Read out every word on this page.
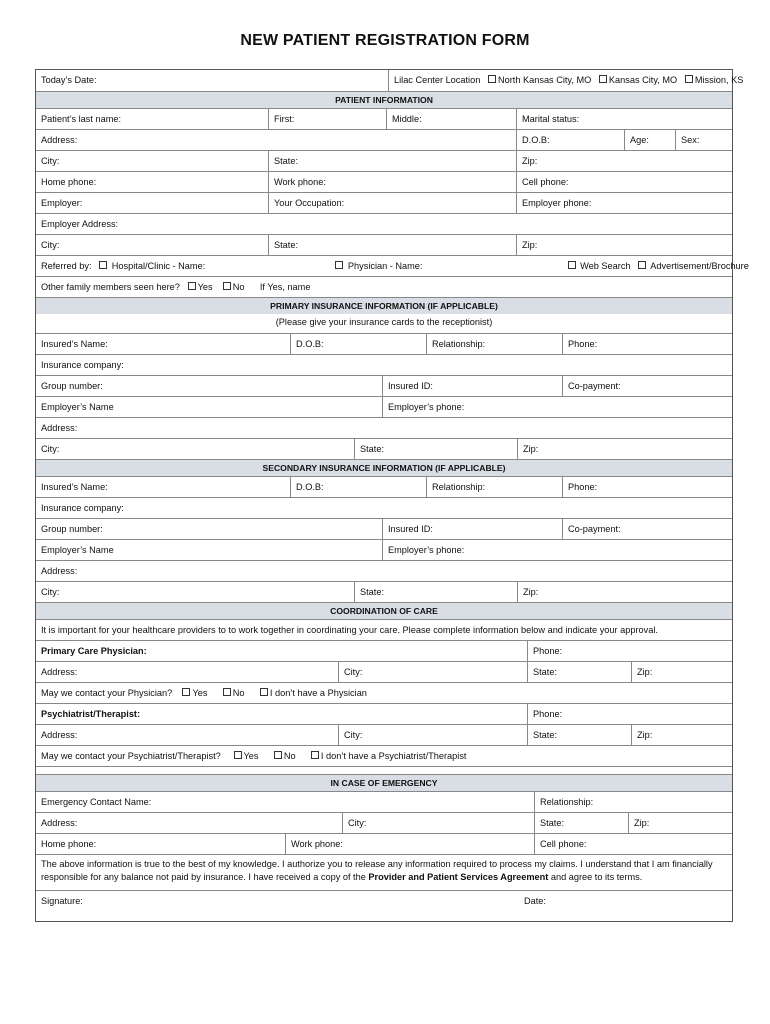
NEW PATIENT REGISTRATION FORM
Today’s Date:	Lilac Center Location North Kansas City, MO Kansas City, MO Mission, KS
PATIENT INFORMATION
Patient’s last name:	First:	Middle:	Marital status:
Address:	D.O.B:	Age:	Sex:
City:	State:	Zip:
Home phone:	Work phone:	Cell phone:
Employer:	Your Occupation:	Employer phone:
Employer Address:
City:	State:	Zip:
Referred by: Hospital/Clinic - Name:	Physician - Name:	Web Search Advertisement/Brochure
Other family members seen here? Yes No If Yes, name
PRIMARY INSURANCE INFORMATION (IF APPLICABLE)
(Please give your insurance cards to the receptionist)
Insured’s Name:	D.O.B:	Relationship:	Phone:
Insurance company:
Group number:	Insured ID:	Co-payment:
Employer’s Name	Employer’s phone:
Address:
City:	State:	Zip:
SECONDARY INSURANCE INFORMATION (IF APPLICABLE)
Insured’s Name:	D.O.B:	Relationship:	Phone:
Insurance company:
Group number:	Insured ID:	Co-payment:
Employer’s Name	Employer’s phone:
Address:
City:	State:	Zip:
COORDINATION OF CARE
It is important for your healthcare providers to to work together in coordinating your care. Please complete information below and indicate your approval.
Primary Care Physician:	Phone:
Address:	City:	State:	Zip:
May we contact your Physician? Yes	No	I don’t have a Physician
Psychiatrist/Therapist:	Phone:
Address:	City:	State:	Zip:
May we contact your Psychiatrist/Therapist? Yes	No	I don’t have a Psychiatrist/Therapist
IN CASE OF EMERGENCY
Emergency Contact Name:	Relationship:
Address:	City:	State:	Zip:
Home phone:	Work phone:	Cell phone:
The above information is true to the best of my knowledge. I authorize you to release any information required to process my claims. I understand that I am financially responsible for any balance not paid by insurance. I have received a copy of the Provider and Patient Services Agreement and agree to its terms.
Signature:	Date:
